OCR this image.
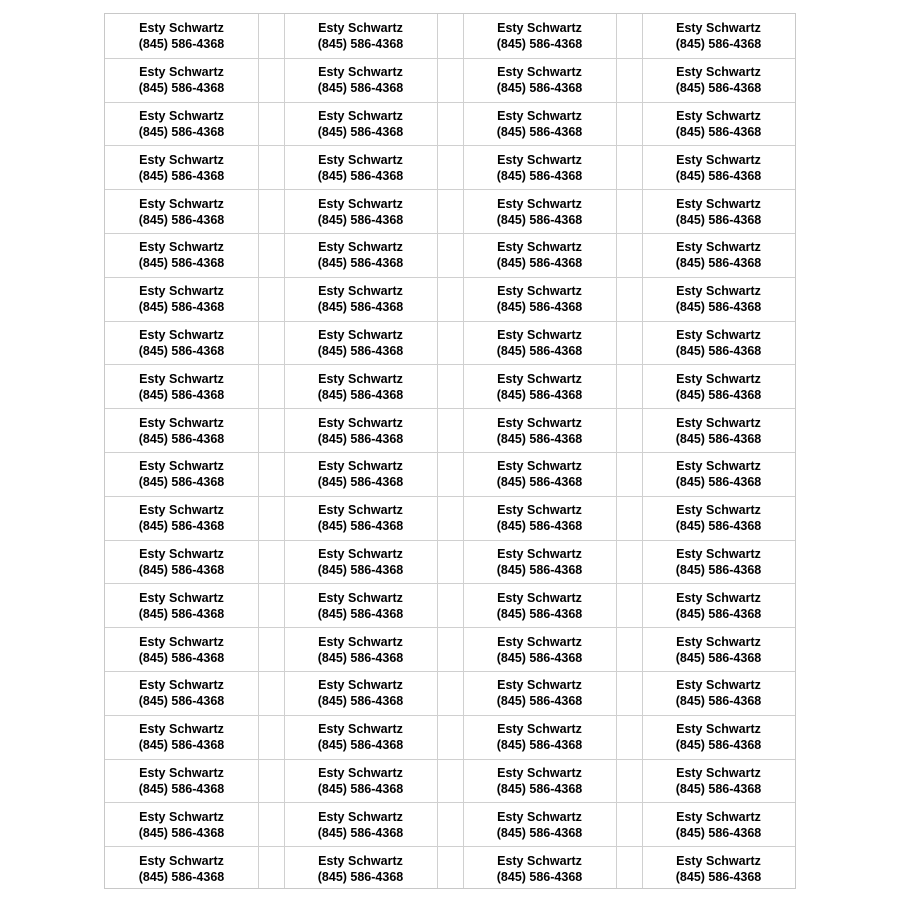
Esty Schwartz
(845) 586-4368
Esty Schwartz
(845) 586-4368
Esty Schwartz
(845) 586-4368
Esty Schwartz
(845) 586-4368
Esty Schwartz
(845) 586-4368
Esty Schwartz
(845) 586-4368
Esty Schwartz
(845) 586-4368
Esty Schwartz
(845) 586-4368
Esty Schwartz
(845) 586-4368
Esty Schwartz
(845) 586-4368
Esty Schwartz
(845) 586-4368
Esty Schwartz
(845) 586-4368
Esty Schwartz
(845) 586-4368
Esty Schwartz
(845) 586-4368
Esty Schwartz
(845) 586-4368
Esty Schwartz
(845) 586-4368
Esty Schwartz
(845) 586-4368
Esty Schwartz
(845) 586-4368
Esty Schwartz
(845) 586-4368
Esty Schwartz
(845) 586-4368
Esty Schwartz
(845) 586-4368
Esty Schwartz
(845) 586-4368
Esty Schwartz
(845) 586-4368
Esty Schwartz
(845) 586-4368
Esty Schwartz
(845) 586-4368
Esty Schwartz
(845) 586-4368
Esty Schwartz
(845) 586-4368
Esty Schwartz
(845) 586-4368
Esty Schwartz
(845) 586-4368
Esty Schwartz
(845) 586-4368
Esty Schwartz
(845) 586-4368
Esty Schwartz
(845) 586-4368
Esty Schwartz
(845) 586-4368
Esty Schwartz
(845) 586-4368
Esty Schwartz
(845) 586-4368
Esty Schwartz
(845) 586-4368
Esty Schwartz
(845) 586-4368
Esty Schwartz
(845) 586-4368
Esty Schwartz
(845) 586-4368
Esty Schwartz
(845) 586-4368
Esty Schwartz
(845) 586-4368
Esty Schwartz
(845) 586-4368
Esty Schwartz
(845) 586-4368
Esty Schwartz
(845) 586-4368
Esty Schwartz
(845) 586-4368
Esty Schwartz
(845) 586-4368
Esty Schwartz
(845) 586-4368
Esty Schwartz
(845) 586-4368
Esty Schwartz
(845) 586-4368
Esty Schwartz
(845) 586-4368
Esty Schwartz
(845) 586-4368
Esty Schwartz
(845) 586-4368
Esty Schwartz
(845) 586-4368
Esty Schwartz
(845) 586-4368
Esty Schwartz
(845) 586-4368
Esty Schwartz
(845) 586-4368
Esty Schwartz
(845) 586-4368
Esty Schwartz
(845) 586-4368
Esty Schwartz
(845) 586-4368
Esty Schwartz
(845) 586-4368
Esty Schwartz
(845) 586-4368
Esty Schwartz
(845) 586-4368
Esty Schwartz
(845) 586-4368
Esty Schwartz
(845) 586-4368
Esty Schwartz
(845) 586-4368
Esty Schwartz
(845) 586-4368
Esty Schwartz
(845) 586-4368
Esty Schwartz
(845) 586-4368
Esty Schwartz
(845) 586-4368
Esty Schwartz
(845) 586-4368
Esty Schwartz
(845) 586-4368
Esty Schwartz
(845) 586-4368
Esty Schwartz
(845) 586-4368
Esty Schwartz
(845) 586-4368
Esty Schwartz
(845) 586-4368
Esty Schwartz
(845) 586-4368
Esty Schwartz
(845) 586-4368
Esty Schwartz
(845) 586-4368
Esty Schwartz
(845) 586-4368
Esty Schwartz
(845) 586-4368
